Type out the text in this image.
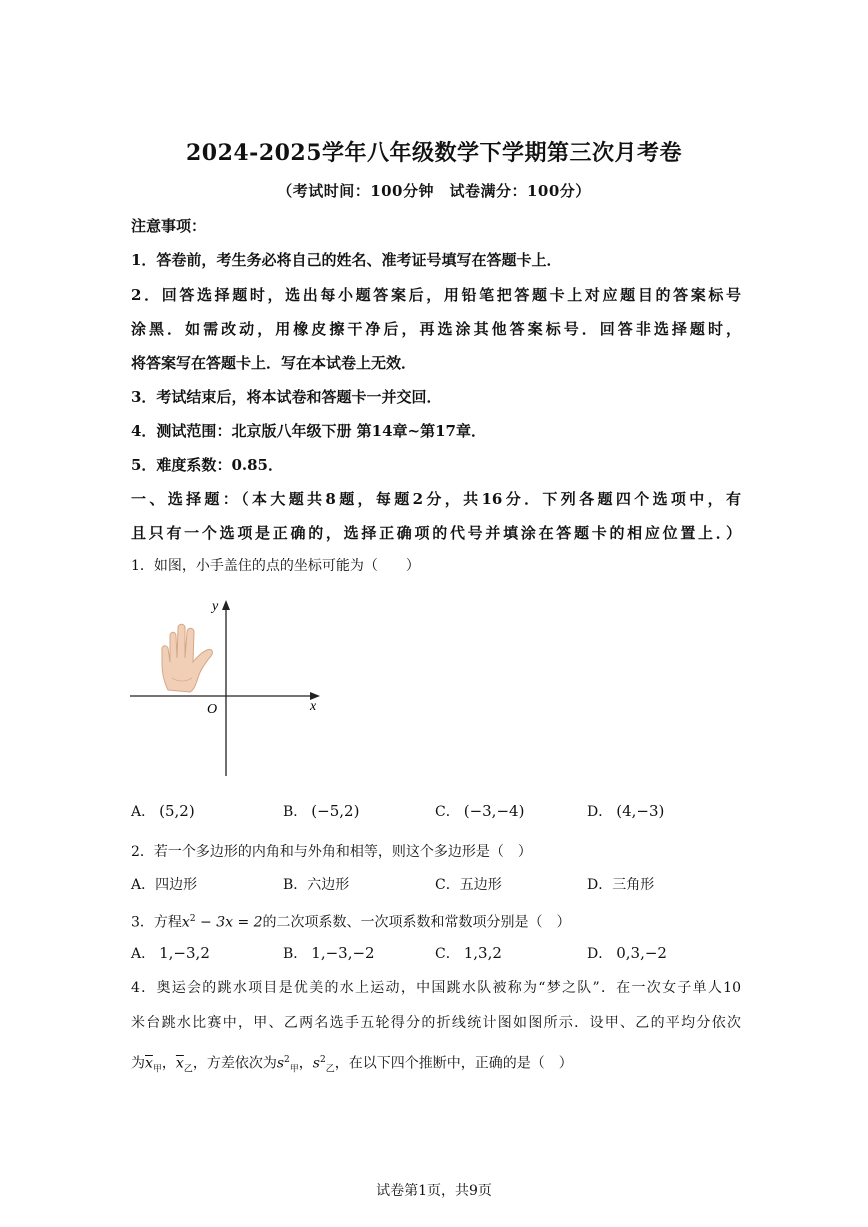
2024-2025学年八年级数学下学期第三次月考卷
（考试时间：100分钟　试卷满分：100分）
注意事项：
1．答卷前，考生务必将自己的姓名、准考证号填写在答题卡上．
2．回答选择题时，选出每小题答案后，用铅笔把答题卡上对应题目的答案标号
涂黑．如需改动，用橡皮擦干净后，再选涂其他答案标号．回答非选择题时，
将答案写在答题卡上．写在本试卷上无效．
3．考试结束后，将本试卷和答题卡一并交回．
4．测试范围：北京版八年级下册 第14章~第17章．
5．难度系数：0.85．
一、选择题：（本大题共8题，每题2分，共16分．下列各题四个选项中，有
且只有一个选项是正确的，选择正确项的代号并填涂在答题卡的相应位置上．）
1．如图，小手盖住的点的坐标可能为（　　）
y
x
O
A． (5,2)	B． (−5,2)	C． (−3,−4)	D． (4,−3)
2．若一个多边形的内角和与外角和相等，则这个多边形是（　）
A．四边形	B．六边形	C．五边形	D．三角形
3．方程$x^2 - 3x = 2$的二次项系数、一次项系数和常数项分别是（　）
A． 1,−3,2	B． 1,−3,−2	C． 1,3,2	D． 0,3,−2
4．奥运会的跳水项目是优美的水上运动，中国跳水队被称为“梦之队”．在一次女子单人10
米台跳水比赛中，甲、乙两名选手五轮得分的折线统计图如图所示．设甲、乙的平均分依次
为$\overline{x}_甲$，$\overline{x}_乙$，方差依次为$s^2_甲$，$s^2_乙$，在以下四个推断中，正确的是（　）
试卷第1页，共9页
